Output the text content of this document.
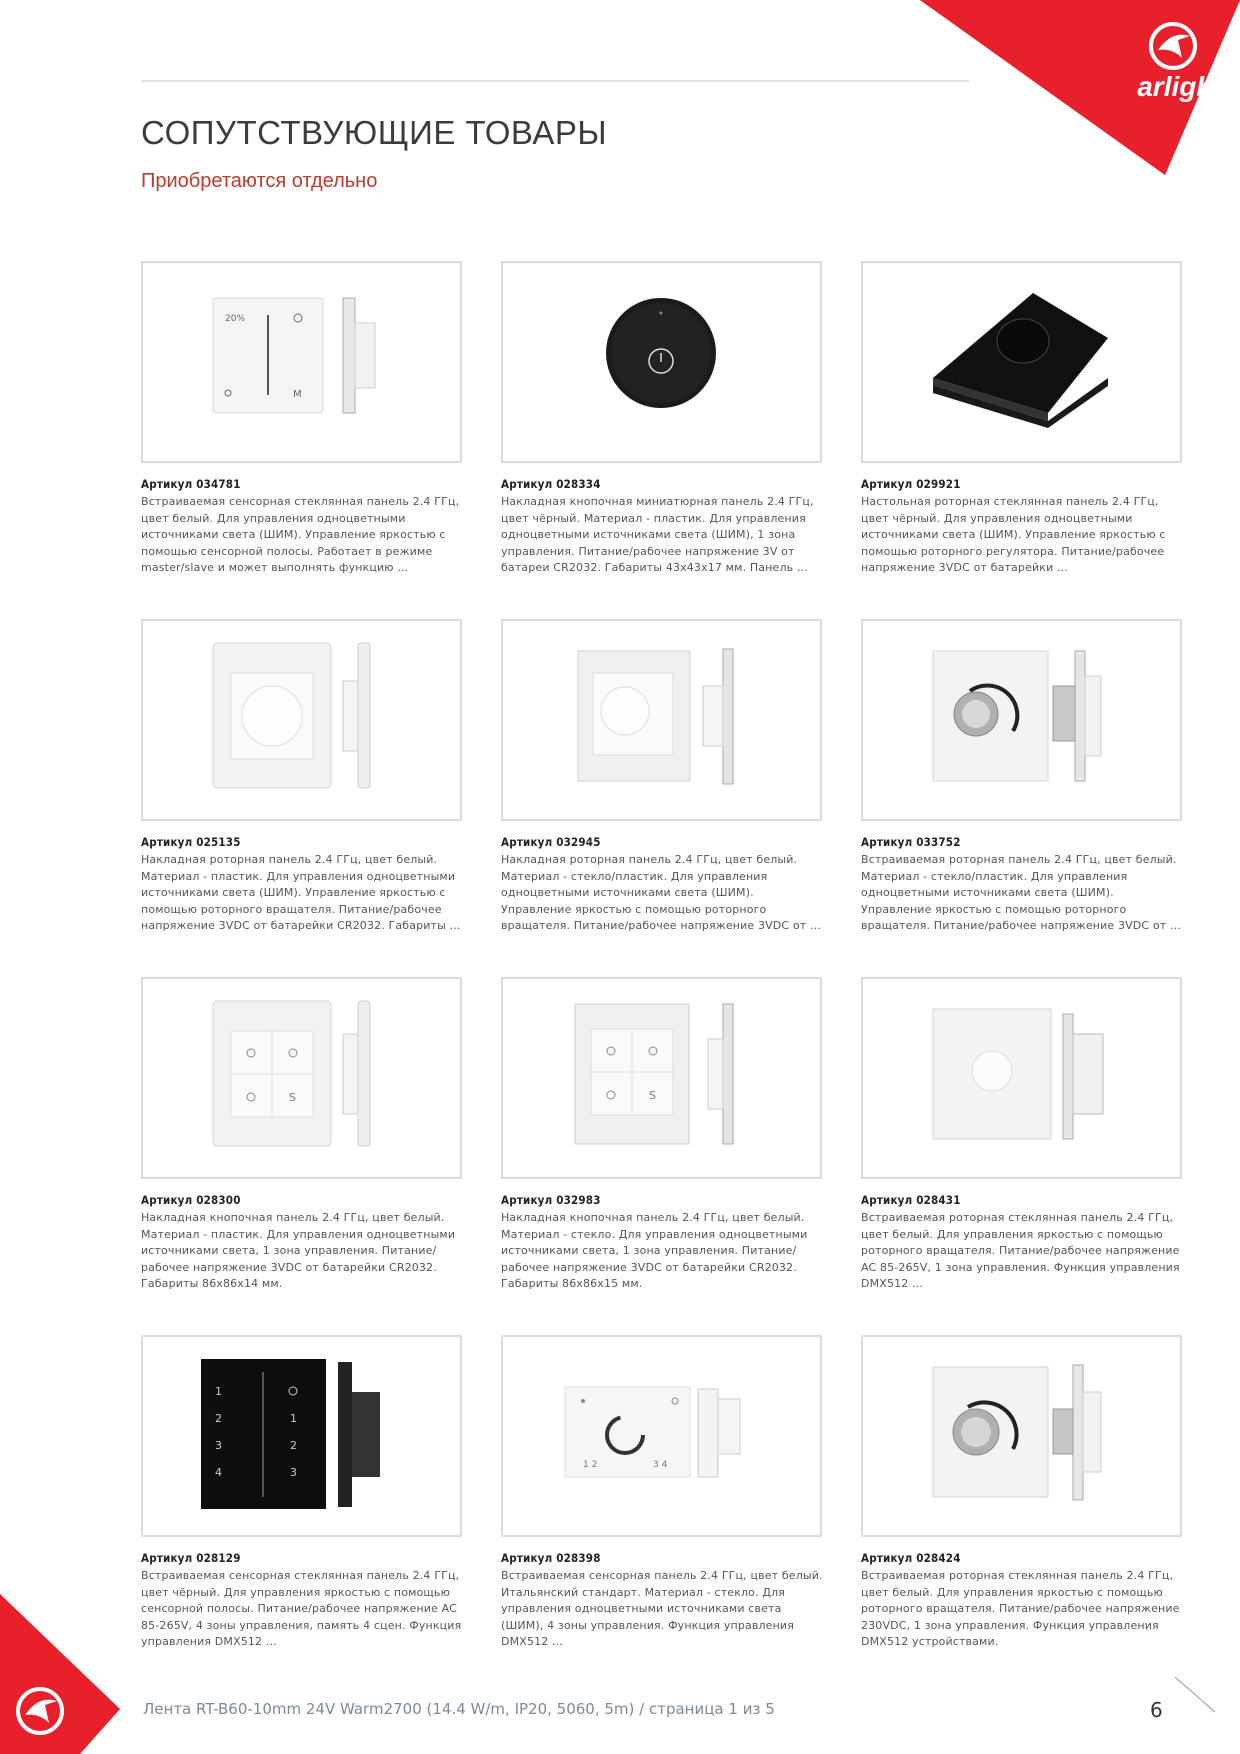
arlight
СОПУТСТВУЮЩИЕ ТОВАРЫ

Приобретаются отдельно

20%
M
Артикул 034781
Встраиваемая сенсорная стеклянная панель 2.4 ГГц, цвет белый. Для управления одноцветными источниками света (ШИМ). Управление яркостью с помощью сенсорной полосы. Работает в режиме master/slave и может выполнять функцию ...
Артикул 028334
Накладная кнопочная миниатюрная панель 2.4 ГГц, цвет чёрный. Материал - пластик. Для управления одноцветными источниками света (ШИМ), 1 зона управления. Питание/рабочее напряжение 3V от батареи CR2032. Габариты 43x43x17 мм. Панель ...
Артикул 029921
Настольная роторная стеклянная панель 2.4 ГГц, цвет чёрный. Для управления одноцветными источниками света (ШИМ). Управление яркостью с помощью роторного регулятора. Питание/рабочее напряжение 3VDC от батарейки ...
Артикул 025135
Накладная роторная панель 2.4 ГГц, цвет белый. Материал - пластик. Для управления одноцветными источниками света (ШИМ). Управление яркостью с помощью роторного вращателя. Питание/рабочее напряжение 3VDC от батарейки CR2032. Габариты ...
Артикул 032945
Накладная роторная панель 2.4 ГГц, цвет белый. Материал - стекло/пластик. Для управления одноцветными источниками света (ШИМ). Управление яркостью с помощью роторного вращателя. Питание/рабочее напряжение 3VDC от ...
Артикул 033752
Встраиваемая роторная панель 2.4 ГГц, цвет белый. Материал - стекло/пластик. Для управления одноцветными источниками света (ШИМ). Управление яркостью с помощью роторного вращателя. Питание/рабочее напряжение 3VDC от ...
S
Артикул 028300
Накладная кнопочная панель 2.4 ГГц, цвет белый. Материал - пластик. Для управления одноцветными источниками света, 1 зона управления. Питание/рабочее напряжение 3VDC от батарейки CR2032. Габариты 86x86x14 мм.
S
Артикул 032983
Накладная кнопочная панель 2.4 ГГц, цвет белый. Материал - стекло. Для управления одноцветными источниками света, 1 зона управления. Питание/рабочее напряжение 3VDC от батарейки CR2032. Габариты 86x86x15 мм.
Артикул 028431
Встраиваемая роторная стеклянная панель 2.4 ГГц, цвет белый. Для управления яркостью с помощью роторного вращателя. Питание/рабочее напряжение AC 85-265V, 1 зона управления. Функция управления DMX512 ...
1
2
3
4
1
2
3
Артикул 028129
Встраиваемая сенсорная стеклянная панель 2.4 ГГц, цвет чёрный. Для управления яркостью с помощью сенсорной полосы. Питание/рабочее напряжение AC 85-265V, 4 зоны управления, память 4 сцен. Функция управления DMX512 ...
1 2	3 4
Артикул 028398
Встраиваемая сенсорная панель 2.4 ГГц, цвет белый. Итальянский стандарт. Материал - стекло. Для управления одноцветными источниками света (ШИМ), 4 зоны управления. Функция управления DMX512 ...
Артикул 028424
Встраиваемая роторная стеклянная панель 2.4 ГГц, цвет белый. Для управления яркостью с помощью роторного вращателя. Питание/рабочее напряжение 230VDC, 1 зона управления. Функция управления DMX512 устройствами.
Лента RT-B60-10mm 24V Warm2700 (14.4 W/m, IP20, 5060, 5m) / страница 1 из 5	6
